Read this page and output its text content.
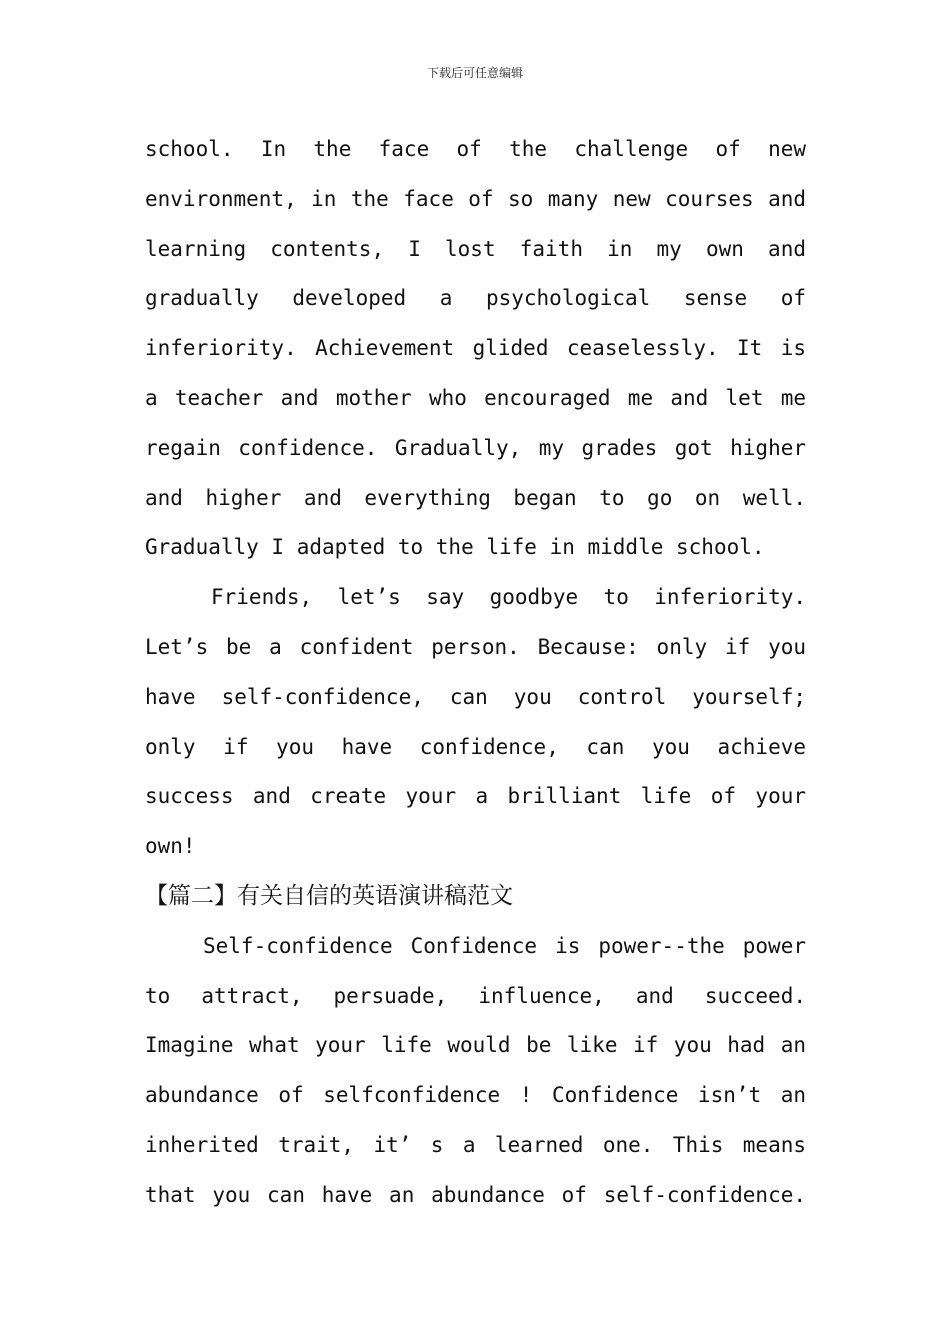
下载后可任意编辑
school. In the face of the challenge of new
environment, in the face of so many new courses and
learning contents, I lost faith in my own and
gradually developed a psychological sense of
inferiority. Achievement glided ceaselessly. It is
a teacher and mother who encouraged me and let me
regain confidence. Gradually, my grades got higher
and higher and everything began to go on well.
Gradually I adapted to the life in middle school.
Friends, let’s say goodbye to inferiority.
Let’s be a confident person. Because: only if you
have self-confidence, can you control yourself;
only if you have confidence, can you achieve
success and create your a brilliant life of your
own!
【篇二】有关自信的英语演讲稿范文
Self-confidence Confidence is power--the power
to attract, persuade, influence, and succeed.
Imagine what your life would be like if you had an
abundance of selfconfidence ! Confidence isn’t an
inherited trait, it’ s a learned one. This means
that you can have an abundance of self-confidence.
